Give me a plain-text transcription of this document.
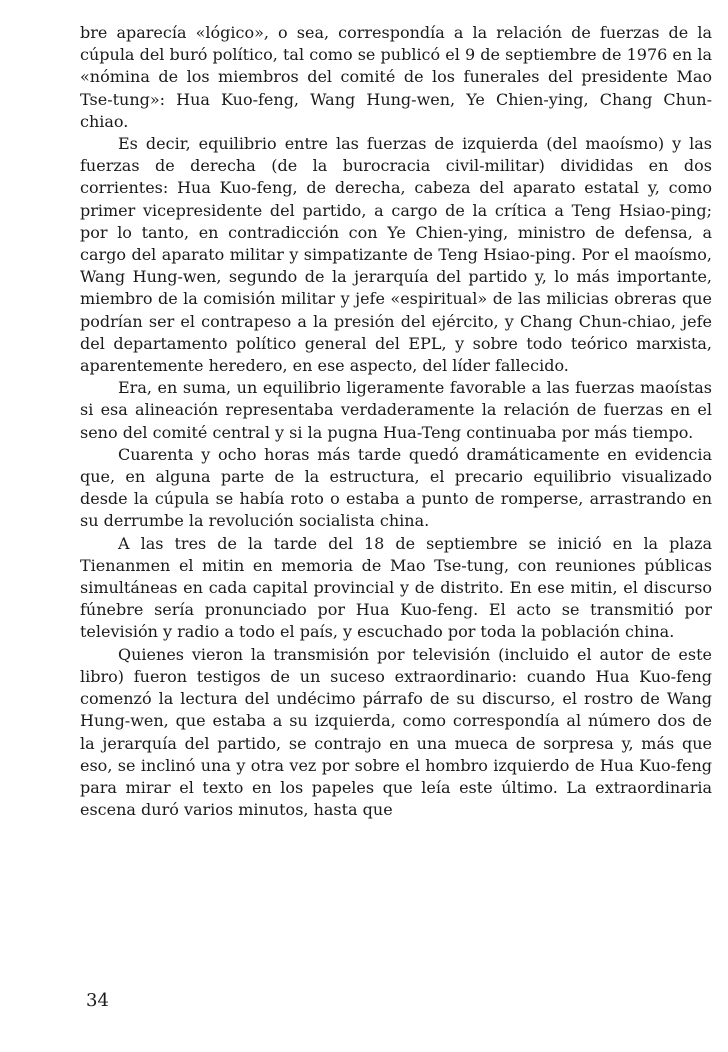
bre aparecía «lógico», o sea, correspondía a la relación de fuerzas de la cúpula del buró político, tal como se publicó el 9 de septiembre de 1976 en la «nómina de los miembros del comité de los funerales del presidente Mao Tse-tung»: Hua Kuo-feng, Wang Hung-wen, Ye Chien-ying, Chang Chun-chiao.

Es decir, equilibrio entre las fuerzas de izquierda (del maoísmo) y las fuerzas de derecha (de la burocracia civil-militar) divididas en dos corrientes: Hua Kuo-feng, de derecha, cabeza del aparato estatal y, como primer vicepresidente del partido, a cargo de la crítica a Teng Hsiao-ping; por lo tanto, en contradicción con Ye Chien-ying, ministro de defensa, a cargo del aparato militar y simpatizante de Teng Hsiao-ping. Por el maoísmo, Wang Hung-wen, segundo de la jerarquía del partido y, lo más importante, miembro de la comisión militar y jefe «espiritual» de las milicias obreras que podrían ser el contrapeso a la presión del ejército, y Chang Chun-chiao, jefe del departamento político general del EPL, y sobre todo teórico marxista, aparentemente heredero, en ese aspecto, del líder fallecido.

Era, en suma, un equilibrio ligeramente favorable a las fuerzas maoístas si esa alineación representaba verdaderamente la relación de fuerzas en el seno del comité central y si la pugna Hua-Teng continuaba por más tiempo.

Cuarenta y ocho horas más tarde quedó dramáticamente en evidencia que, en alguna parte de la estructura, el precario equilibrio visualizado desde la cúpula se había roto o estaba a punto de romperse, arrastrando en su derrumbe la revolución socialista china.

A las tres de la tarde del 18 de septiembre se inició en la plaza Tienanmen el mitin en memoria de Mao Tse-tung, con reuniones públicas simultáneas en cada capital provincial y de distrito. En ese mitin, el discurso fúnebre sería pronunciado por Hua Kuo-feng. El acto se transmitió por televisión y radio a todo el país, y escuchado por toda la población china.

Quienes vieron la transmisión por televisión (incluido el autor de este libro) fueron testigos de un suceso extraordinario: cuando Hua Kuo-feng comenzó la lectura del undécimo párrafo de su discurso, el rostro de Wang Hung-wen, que estaba a su izquierda, como correspondía al número dos de la jerarquía del partido, se contrajo en una mueca de sorpresa y, más que eso, se inclinó una y otra vez por sobre el hombro izquierdo de Hua Kuo-feng para mirar el texto en los papeles que leía este último. La extraordinaria escena duró varios minutos, hasta que

34
